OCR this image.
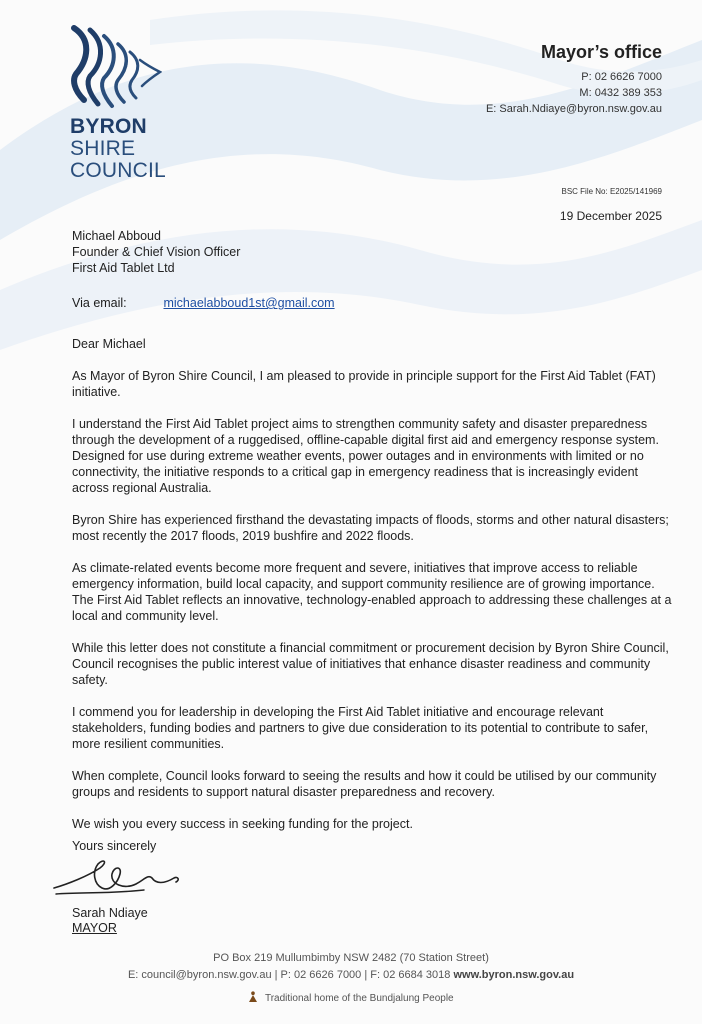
BYRON
SHIRE
COUNCIL
Mayor’s office
P: 02 6626 7000
M: 0432 389 353
E: Sarah.Ndiaye@byron.nsw.gov.au
BSC File No: E2025/141969
19 December 2025
Michael Abboud
Founder & Chief Vision Officer
First Aid Tablet Ltd
Via email:	michaelabboud1st@gmail.com

Dear Michael

As Mayor of Byron Shire Council, I am pleased to provide in principle support for the First Aid Tablet (FAT) initiative.

I understand the First Aid Tablet project aims to strengthen community safety and disaster preparedness through the development of a ruggedised, offline-capable digital first aid and emergency response system. Designed for use during extreme weather events, power outages and in environments with limited or no connectivity, the initiative responds to a critical gap in emergency readiness that is increasingly evident across regional Australia.

Byron Shire has experienced firsthand the devastating impacts of floods, storms and other natural disasters; most recently the 2017 floods, 2019 bushfire and 2022 floods.

As climate-related events become more frequent and severe, initiatives that improve access to reliable emergency information, build local capacity, and support community resilience are of growing importance. The First Aid Tablet reflects an innovative, technology-enabled approach to addressing these challenges at a local and community level.

While this letter does not constitute a financial commitment or procurement decision by Byron Shire Council, Council recognises the public interest value of initiatives that enhance disaster readiness and community safety.

I commend you for leadership in developing the First Aid Tablet initiative and encourage relevant stakeholders, funding bodies and partners to give due consideration to its potential to contribute to safer, more resilient communities.

When complete, Council looks forward to seeing the results and how it could be utilised by our community groups and residents to support natural disaster preparedness and recovery.

We wish you every success in seeking funding for the project.

Yours sincerely
Sarah Ndiaye
MAYOR
PO Box 219 Mullumbimby NSW 2482 (70 Station Street)
E: council@byron.nsw.gov.au | P: 02 6626 7000 | F: 02 6684 3018 www.byron.nsw.gov.au
Traditional home of the Bundjalung People
